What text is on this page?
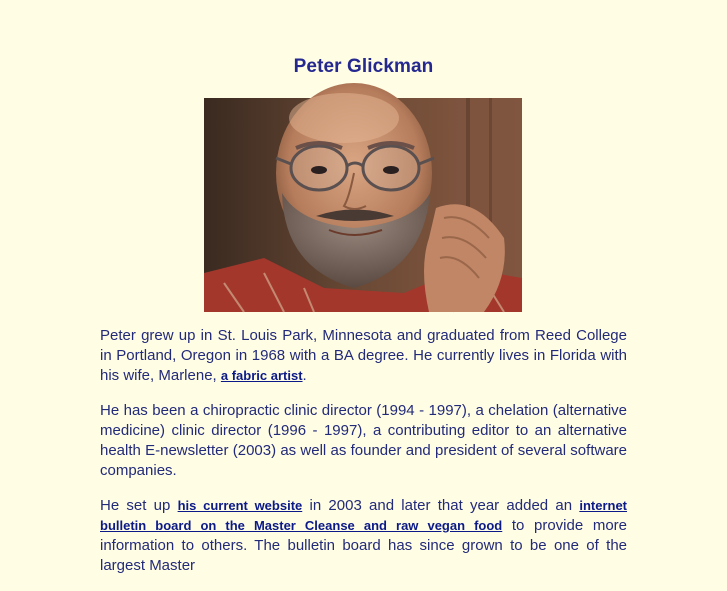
Peter Glickman

Peter grew up in St. Louis Park, Minnesota and graduated from Reed College in Portland, Oregon in 1968 with a BA degree. He currently lives in Florida with his wife, Marlene, a fabric artist.

He has been a chiropractic clinic director (1994 - 1997), a chelation (alternative medicine) clinic director (1996 - 1997), a contributing editor to an alternative health E-newsletter (2003) as well as founder and president of several software companies.

He set up his current website in 2003 and later that year added an internet bulletin board on the Master Cleanse and raw vegan food to provide more information to others. The bulletin board has since grown to be one of the largest Master
